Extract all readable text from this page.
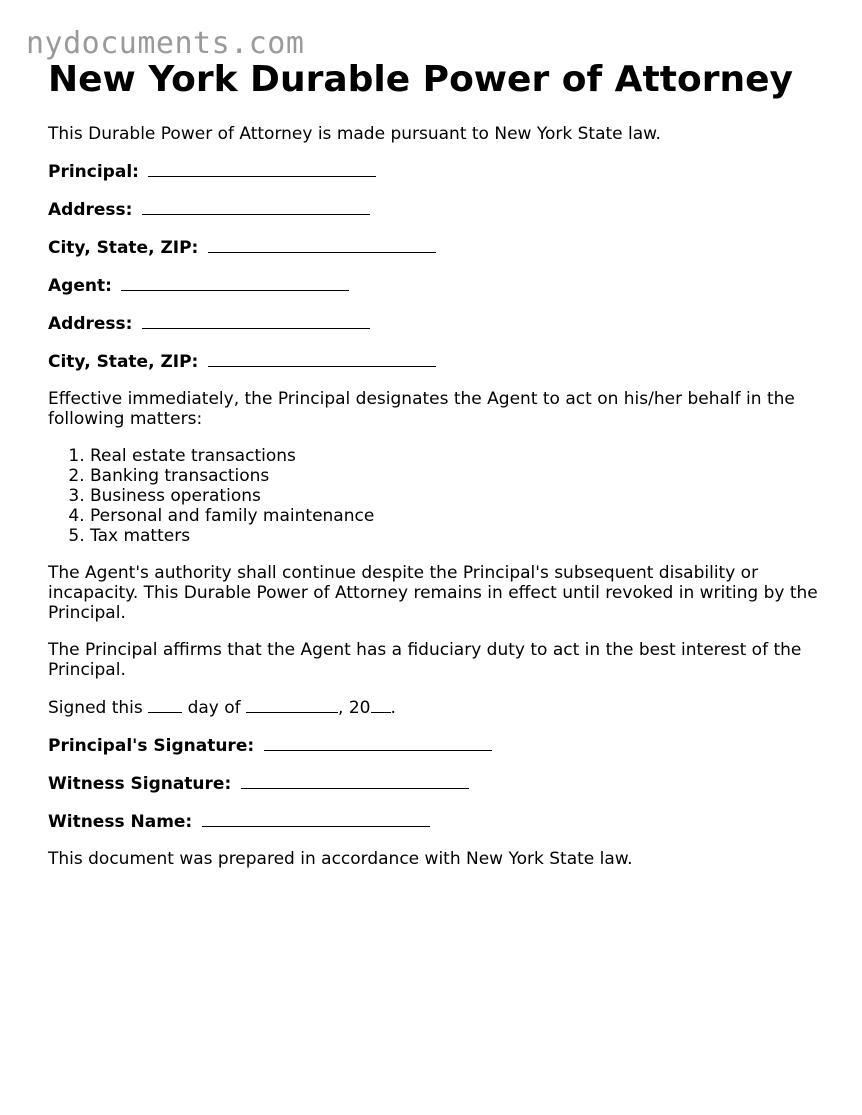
nydocuments.com
New York Durable Power of Attorney
This Durable Power of Attorney is made pursuant to New York State law.
Principal:
Address:
City, State, ZIP:
Agent:
Address:
City, State, ZIP:
Effective immediately, the Principal designates the Agent to act on his/her behalf in the following matters:
1. Real estate transactions
2. Banking transactions
3. Business operations
4. Personal and family maintenance
5. Tax matters
The Agent's authority shall continue despite the Principal's subsequent disability or incapacity. This Durable Power of Attorney remains in effect until revoked in writing by the Principal.
The Principal affirms that the Agent has a fiduciary duty to act in the best interest of the Principal.
Signed this	day of	, 20 .
Principal's Signature:
Witness Signature:
Witness Name:
This document was prepared in accordance with New York State law.
